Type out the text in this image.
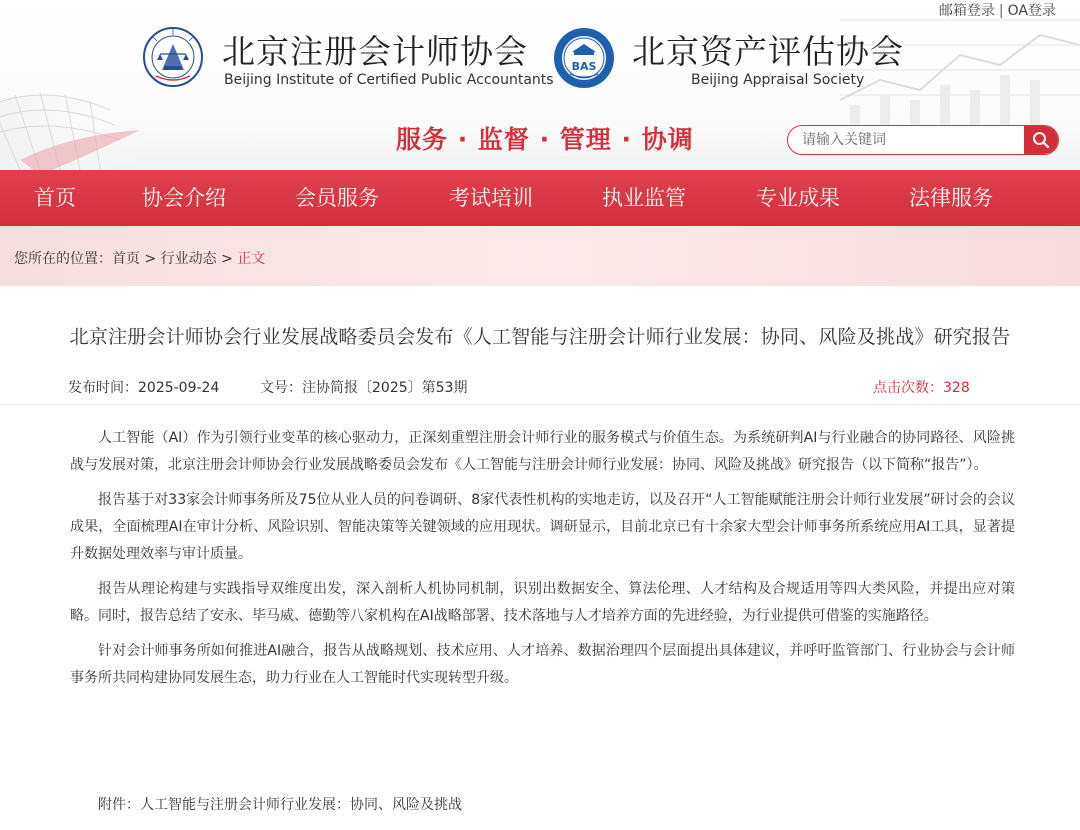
邮箱登录 | OA登录
北京注册会计师协会
Beijing Institute of Certified Public Accountants
BAS 北京资产评估协会
Beijing Appraisal Society
服务 · 监督 · 管理 · 协调
请输入关键词
首页	协会介绍	会员服务	考试培训	执业监管	专业成果	法律服务
您所在的位置：首页 > 行业动态 > 正文
北京注册会计师协会行业发展战略委员会发布《人工智能与注册会计师行业发展：协同、风险及挑战》研究报告
发布时间：2025-09-24	文号：注协简报〔2025〕第53期	点击次数：328

人工智能（AI）作为引领行业变革的核心驱动力，正深刻重塑注册会计师行业的服务模式与价值生态。为系统研判AI与行业融合的协同路径、风险挑战与发展对策，北京注册会计师协会行业发展战略委员会发布《人工智能与注册会计师行业发展：协同、风险及挑战》研究报告（以下简称“报告”）。

报告基于对33家会计师事务所及75位从业人员的问卷调研、8家代表性机构的实地走访，以及召开“人工智能赋能注册会计师行业发展”研讨会的会议成果，全面梳理AI在审计分析、风险识别、智能决策等关键领域的应用现状。调研显示，目前北京已有十余家大型会计师事务所系统应用AI工具，显著提升数据处理效率与审计质量。

报告从理论构建与实践指导双维度出发，深入剖析人机协同机制，识别出数据安全、算法伦理、人才结构及合规适用等四大类风险，并提出应对策略。同时，报告总结了安永、毕马威、德勤等八家机构在AI战略部署、技术落地与人才培养方面的先进经验，为行业提供可借鉴的实施路径。

针对会计师事务所如何推进AI融合，报告从战略规划、技术应用、人才培养、数据治理四个层面提出具体建议，并呼吁监管部门、行业协会与会计师事务所共同构建协同发展生态，助力行业在人工智能时代实现转型升级。

附件：人工智能与注册会计师行业发展：协同、风险及挑战
